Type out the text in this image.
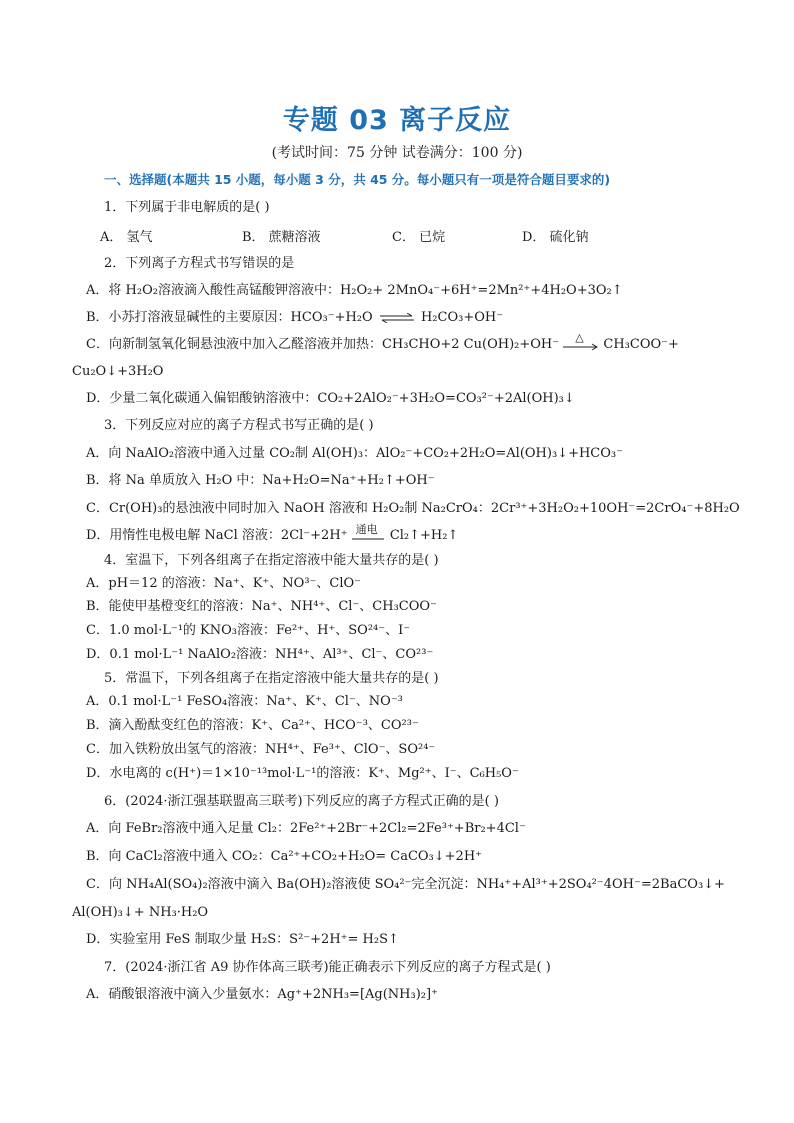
专题 03 离子反应
(考试时间：75 分钟 试卷满分：100 分)
一、选择题(本题共 15 小题，每小题 3 分，共 45 分。每小题只有一项是符合题目要求的)
1．下列属于非电解质的是( )
A． 氢气	B． 蔗糖溶液	C． 已烷	D． 硫化钠
2．下列离子方程式书写错误的是
A．将 H₂O₂溶液滴入酸性高锰酸钾溶液中：H₂O₂+ 2MnO₄⁻+6H⁺=2Mn²⁺+4H₂O+3O₂↑
B．小苏打溶液显碱性的主要原因：HCO₃⁻+H₂O ⇌ H₂CO₃+OH⁻
C．向新制氢氧化铜悬浊液中加入乙醛溶液并加热：CH₃CHO+2 Cu(OH)₂+OH⁻ △ CH₃COO⁻+
Cu₂O↓+3H₂O
D．少量二氧化碳通入偏铝酸钠溶液中：CO₂+2AlO₂⁻+3H₂O=CO₃²⁻+2Al(OH)₃↓
3．下列反应对应的离子方程式书写正确的是( )
A．向 NaAlO₂溶液中通入过量 CO₂制 Al(OH)₃：AlO₂⁻+CO₂+2H₂O=Al(OH)₃↓+HCO₃⁻
B．将 Na 单质放入 H₂O 中：Na+H₂O=Na⁺+H₂↑+OH⁻
C．Cr(OH)₃的悬浊液中同时加入 NaOH 溶液和 H₂O₂制 Na₂CrO₄：2Cr³⁺+3H₂O₂+10OH⁻=2CrO₄⁻+8H₂O
D．用惰性电极电解 NaCl 溶液：2Cl⁻+2H⁺ 通电 Cl₂↑+H₂↑
4．室温下，下列各组离子在指定溶液中能大量共存的是( )
A．pH＝12 的溶液：Na⁺、K⁺、NO³⁻、ClO⁻
B．能使甲基橙变红的溶液：Na⁺、NH⁴⁺、Cl⁻、CH₃COO⁻
C．1.0 mol·L⁻¹的 KNO₃溶液：Fe²⁺、H⁺、SO²⁴⁻、I⁻
D．0.1 mol·L⁻¹ NaAlO₂溶液：NH⁴⁺、Al³⁺、Cl⁻、CO²³⁻
5．常温下，下列各组离子在指定溶液中能大量共存的是( )
A．0.1 mol·L⁻¹ FeSO₄溶液：Na⁺、K⁺、Cl⁻、NO⁻³
B．滴入酚酞变红色的溶液：K⁺、Ca²⁺、HCO⁻³、CO²³⁻
C．加入铁粉放出氢气的溶液：NH⁴⁺、Fe³⁺、ClO⁻、SO²⁴⁻
D．水电离的 c(H⁺)＝1×10⁻¹³mol·L⁻¹的溶液：K⁺、Mg²⁺、I⁻、C₆H₅O⁻
6．(2024·浙江强基联盟高三联考)下列反应的离子方程式正确的是( )
A．向 FeBr₂溶液中通入足量 Cl₂：2Fe²⁺+2Br⁻+2Cl₂=2Fe³⁺+Br₂+4Cl⁻
B．向 CaCl₂溶液中通入 CO₂：Ca²⁺+CO₂+H₂O= CaCO₃↓+2H⁺
C．向 NH₄Al(SO₄)₂溶液中滴入 Ba(OH)₂溶液使 SO₄²⁻完全沉淀：NH₄⁺+Al³⁺+2SO₄²⁻4OH⁻=2BaCO₃↓+
Al(OH)₃↓+ NH₃·H₂O
D．实验室用 FeS 制取少量 H₂S：S²⁻+2H⁺= H₂S↑
7．(2024·浙江省 A9 协作体高三联考)能正确表示下列反应的离子方程式是( )
A．硝酸银溶液中滴入少量氨水：Ag⁺+2NH₃=[Ag(NH₃)₂]⁺
